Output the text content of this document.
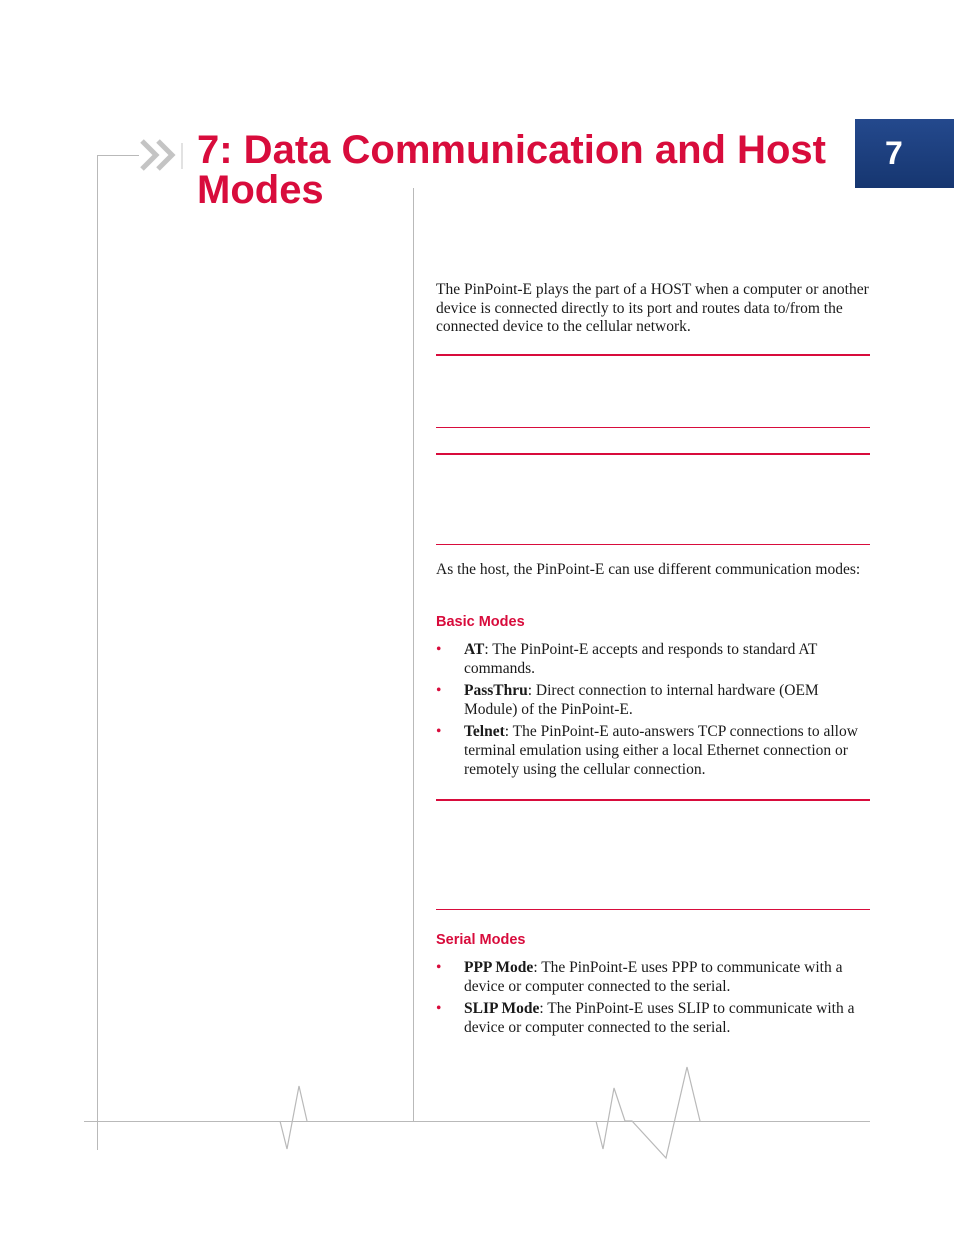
7: Data Communication and Host Modes
7

The PinPoint-E plays the part of a HOST when a computer or another device is connected directly to its port and routes data to/from the connected device to the cellular network.

As the host, the PinPoint-E can use different communication modes:

Basic Modes
• AT: The PinPoint-E accepts and responds to standard AT commands.
• PassThru: Direct connection to internal hardware (OEM Module) of the PinPoint-E.
• Telnet: The PinPoint-E auto-answers TCP connections to allow terminal emulation using either a local Ethernet connection or remotely using the cellular connection.
Serial Modes
• PPP Mode: The PinPoint-E uses PPP to communicate with a device or computer connected to the serial.
• SLIP Mode: The PinPoint-E uses SLIP to communicate with a device or computer connected to the serial.
